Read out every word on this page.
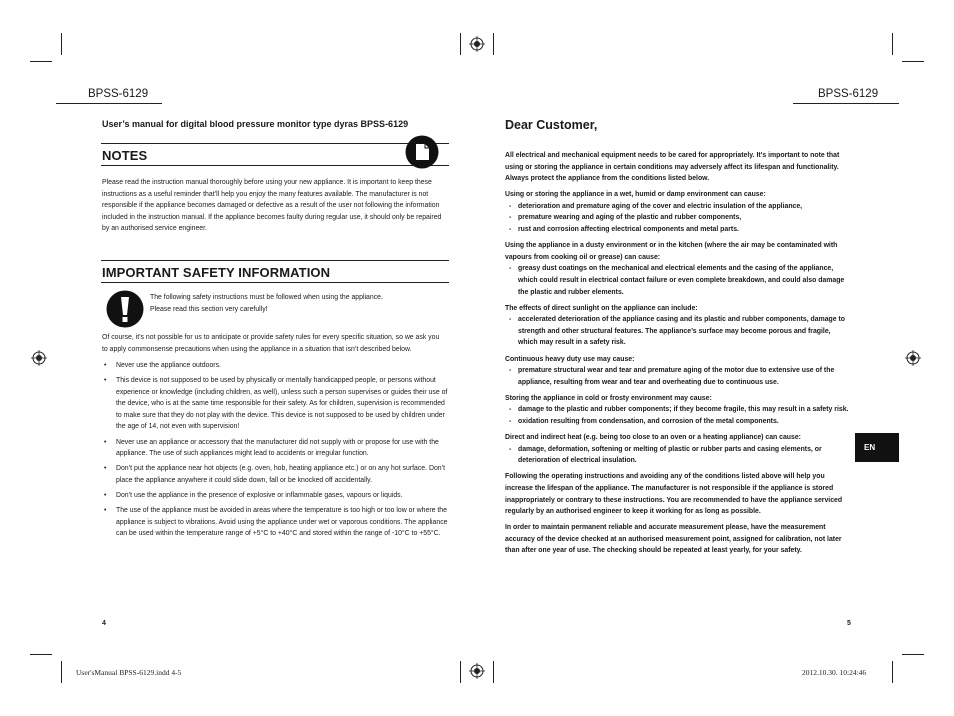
BPSS-6129	BPSS-6129
User’s manual for digital blood pressure monitor type dyras BPSS-6129
NOTES
Please read the instruction manual thoroughly before using your new appliance. It is important to keep these instructions as a useful reminder that’ll help you enjoy the many features available. The manufacturer is not responsible if the appliance becomes damaged or defective as a result of the user not following the information included in the instruction manual. If the appliance becomes faulty during regular use, it should only be repaired by an authorised service engineer.
IMPORTANT SAFETY INFORMATION
The following safety instructions must be followed when using the appliance.
Please read this section very carefully!
Of course, it’s not possible for us to anticipate or provide safety rules for every specific situation, so we ask you to apply commonsense precautions when using the appliance in a situation that isn’t described below.
• Never use the appliance outdoors.
• This device is not supposed to be used by physically or mentally handicapped people, or persons without experience or knowledge (including children, as well), unless such a person supervises or guides their use of the device, who is at the same time responsible for their safety. As for children, supervision is recommended to make sure that they do not play with the device. This device is not supposed to be used by children under the age of 14, not even with supervision!
• Never use an appliance or accessory that the manufacturer did not supply with or propose for use with the appliance. The use of such appliances might lead to accidents or irregular function.
• Don’t put the appliance near hot objects (e.g. oven, hob, heating appliance etc.) or on any hot surface. Don’t place the appliance anywhere it could slide down, fall or be knocked off accidentally.
• Don’t use the appliance in the presence of explosive or inflammable gases, vapours or liquids.
• The use of the appliance must be avoided in areas where the temperature is too high or too low or where the appliance is subject to vibrations. Avoid using the appliance under wet or vaporous conditions. The appliance can be used within the temperature range of +5°C to +40°C and stored within the range of -10°C to +55°C.
4
Dear Customer,

All electrical and mechanical equipment needs to be cared for appropriately. It’s important to note that using or storing the appliance in certain conditions may adversely affect its lifespan and functionality. Always protect the appliance from the conditions listed below.

Using or storing the appliance in a wet, humid or damp environment can cause:

- deterioration and premature aging of the cover and electric insulation of the appliance,
- premature wearing and aging of the plastic and rubber components,
- rust and corrosion affecting electrical components and metal parts.

Using the appliance in a dusty environment or in the kitchen (where the air may be contaminated with vapours from cooking oil or grease) can cause:

- greasy dust coatings on the mechanical and electrical elements and the casing of the appliance, which could result in electrical contact failure or even complete breakdown, and could also damage the plastic and rubber elements.

The effects of direct sunlight on the appliance can include:

- accelerated deterioration of the appliance casing and its plastic and rubber components, damage to strength and other structural features. The appliance’s surface may become porous and fragile, which may result in a safety risk.

Continuous heavy duty use may cause:

- premature structural wear and tear and premature aging of the motor due to extensive use of the appliance, resulting from wear and tear and overheating due to continuous use.

Storing the appliance in cold or frosty environment may cause:

- damage to the plastic and rubber components; if they become fragile, this may result in a safety risk.
- oxidation resulting from condensation, and corrosion of the metal components.

Direct and indirect heat (e.g. being too close to an oven or a heating appliance) can cause:

- damage, deformation, softening or melting of plastic or rubber parts and casing elements, or deterioration of electrical insulation.

Following the operating instructions and avoiding any of the conditions listed above will help you increase the lifespan of the appliance. The manufacturer is not responsible if the appliance is stored inappropriately or contrary to these instructions. You are recommended to have the appliance serviced regularly by an authorised engineer to keep it working for as long as possible.

In order to maintain permanent reliable and accurate measurement please, have the measurement accuracy of the device checked at an authorised measurement point, assigned for calibration, not later than after one year of use. The checking should be repeated at least yearly, for your safety.

EN
5
User'sManual BPSS-6129.indd 4-5	2012.10.30. 10:24:46
